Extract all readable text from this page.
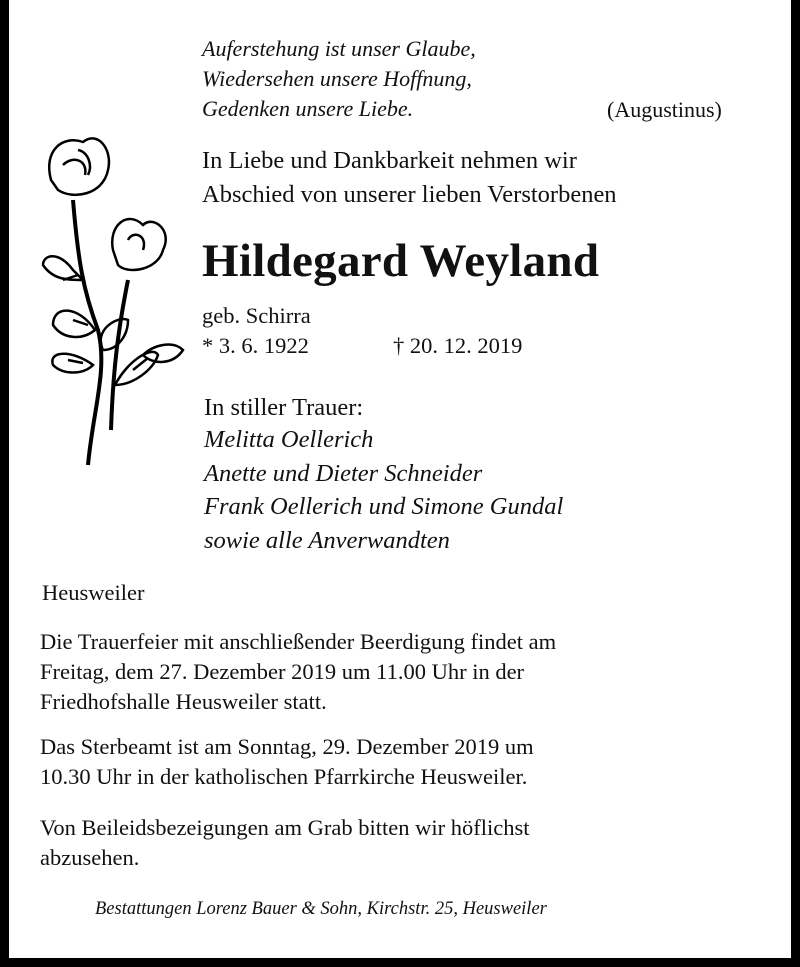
Auferstehung ist unser Glaube,
Wiedersehen unsere Hoffnung,
Gedenken unsere Liebe.	(Augustinus)
In Liebe und Dankbarkeit nehmen wir
Abschied von unserer lieben Verstorbenen
Hildegard Weyland
geb. Schirra
* 3. 6. 1922	† 20. 12. 2019
In stiller Trauer:
Melitta Oellerich
Anette und Dieter Schneider
Frank Oellerich und Simone Gundal
sowie alle Anverwandten
Heusweiler
Die Trauerfeier mit anschließender Beerdigung findet am
Freitag, dem 27. Dezember 2019 um 11.00 Uhr in der
Friedhofshalle Heusweiler statt.
Das Sterbeamt ist am Sonntag, 29. Dezember 2019 um
10.30 Uhr in der katholischen Pfarrkirche Heusweiler.
Von Beileidsbezeigungen am Grab bitten wir höflichst
abzusehen.
Bestattungen Lorenz Bauer & Sohn, Kirchstr. 25, Heusweiler
